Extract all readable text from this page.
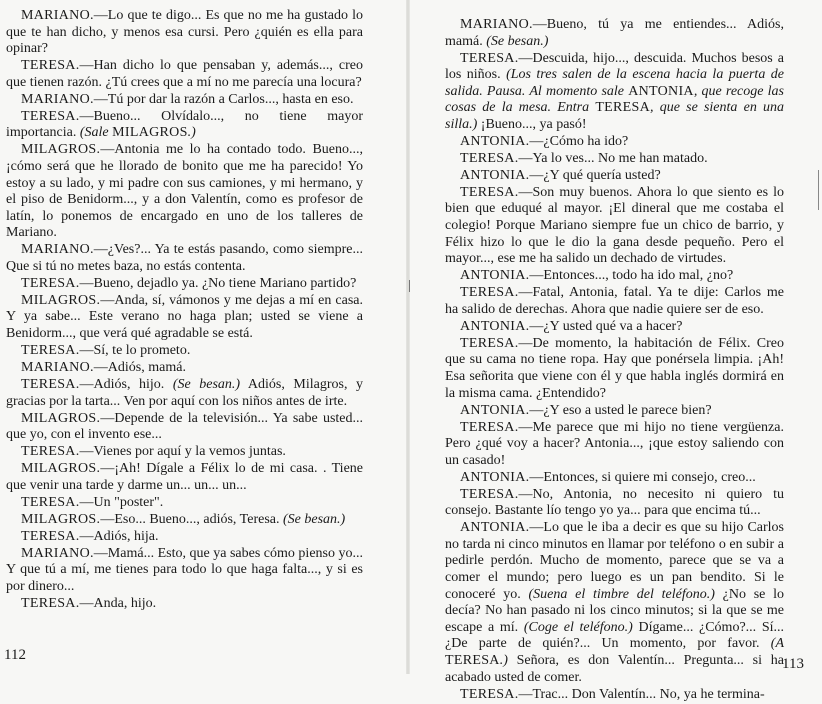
MARIANO.—Lo que te digo... Es que no me ha gustado lo que te han dicho, y menos esa cursi. Pero ¿quién es ella para opinar?

TERESA.—Han dicho lo que pensaban y, además..., creo que tienen razón. ¿Tú crees que a mí no me parecía una locura?

MARIANO.—Tú por dar la razón a Carlos..., hasta en eso.

TERESA.—Bueno... Olvídalo..., no tiene mayor importancia. (Sale MILAGROS.)

MILAGROS.—Antonia me lo ha contado todo. Bueno..., ¡cómo será que he llorado de bonito que me ha parecido! Yo estoy a su lado, y mi padre con sus camiones, y mi hermano, y el piso de Benidorm..., y a don Valentín, como es profesor de latín, lo ponemos de encargado en uno de los talleres de Mariano.

MARIANO.—¿Ves?... Ya te estás pasando, como siempre... Que si tú no metes baza, no estás contenta.

TERESA.—Bueno, dejadlo ya. ¿No tiene Mariano partido?

MILAGROS.—Anda, sí, vámonos y me dejas a mí en casa. Y ya sabe... Este verano no haga plan; usted se viene a Benidorm..., que verá qué agradable se está.

TERESA.—Sí, te lo prometo.

MARIANO.—Adiós, mamá.

TERESA.—Adiós, hijo. (Se besan.) Adiós, Milagros, y gracias por la tarta... Ven por aquí con los niños antes de irte.

MILAGROS.—Depende de la televisión... Ya sabe usted... que yo, con el invento ese...

TERESA.—Vienes por aquí y la vemos juntas.

MILAGROS.—¡Ah! Dígale a Félix lo de mi casa. . Tiene que venir una tarde y darme un... un... un...

TERESA.—Un "poster".

MILAGROS.—Eso... Bueno..., adiós, Teresa. (Se besan.)

TERESA.—Adiós, hija.

MARIANO.—Mamá... Esto, que ya sabes cómo pienso yo... Y que tú a mí, me tienes para todo lo que haga falta..., y si es por dinero...

TERESA.—Anda, hijo.

112

MARIANO.—Bueno, tú ya me entiendes... Adiós, mamá. (Se besan.)

TERESA.—Descuida, hijo..., descuida. Muchos besos a los niños. (Los tres salen de la escena hacia la puerta de salida. Pausa. Al momento sale ANTONIA, que recoge las cosas de la mesa. Entra TERESA, que se sienta en una silla.) ¡Bueno..., ya pasó!

ANTONIA.—¿Cómo ha ido?

TERESA.—Ya lo ves... No me han matado.

ANTONIA.—¿Y qué quería usted?

TERESA.—Son muy buenos. Ahora lo que siento es lo bien que eduqué al mayor. ¡El dineral que me costaba el colegio! Porque Mariano siempre fue un chico de barrio, y Félix hizo lo que le dio la gana desde pequeño. Pero el mayor..., ese me ha salido un dechado de virtudes.

ANTONIA.—Entonces..., todo ha ido mal, ¿no?

TERESA.—Fatal, Antonia, fatal. Ya te dije: Carlos me ha salido de derechas. Ahora que nadie quiere ser de eso.

ANTONIA.—¿Y usted qué va a hacer?

TERESA.—De momento, la habitación de Félix. Creo que su cama no tiene ropa. Hay que ponérsela limpia. ¡Ah! Esa señorita que viene con él y que habla inglés dormirá en la misma cama. ¿Entendido?

ANTONIA.—¿Y eso a usted le parece bien?

TERESA.—Me parece que mi hijo no tiene vergüenza. Pero ¿qué voy a hacer? Antonia..., ¡que estoy saliendo con un casado!

ANTONIA.—Entonces, si quiere mi consejo, creo...

TERESA.—No, Antonia, no necesito ni quiero tu consejo. Bastante lío tengo yo ya... para que encima tú...

ANTONIA.—Lo que le iba a decir es que su hijo Carlos no tarda ni cinco minutos en llamar por teléfono o en subir a pedirle perdón. Mucho de momento, parece que se va a comer el mundo; pero luego es un pan bendito. Si le conoceré yo. (Suena el timbre del teléfono.) ¿No se lo decía? No han pasado ni los cinco minutos; si la que se me escape a mí. (Coge el teléfono.) Dígame... ¿Cómo?... Sí... ¿De parte de quién?... Un momento, por favor. (A TERESA.) Señora, es don Valentín... Pregunta... si ha acabado usted de comer.

TERESA.—Trac... Don Valentín... No, ya he termina-

113
